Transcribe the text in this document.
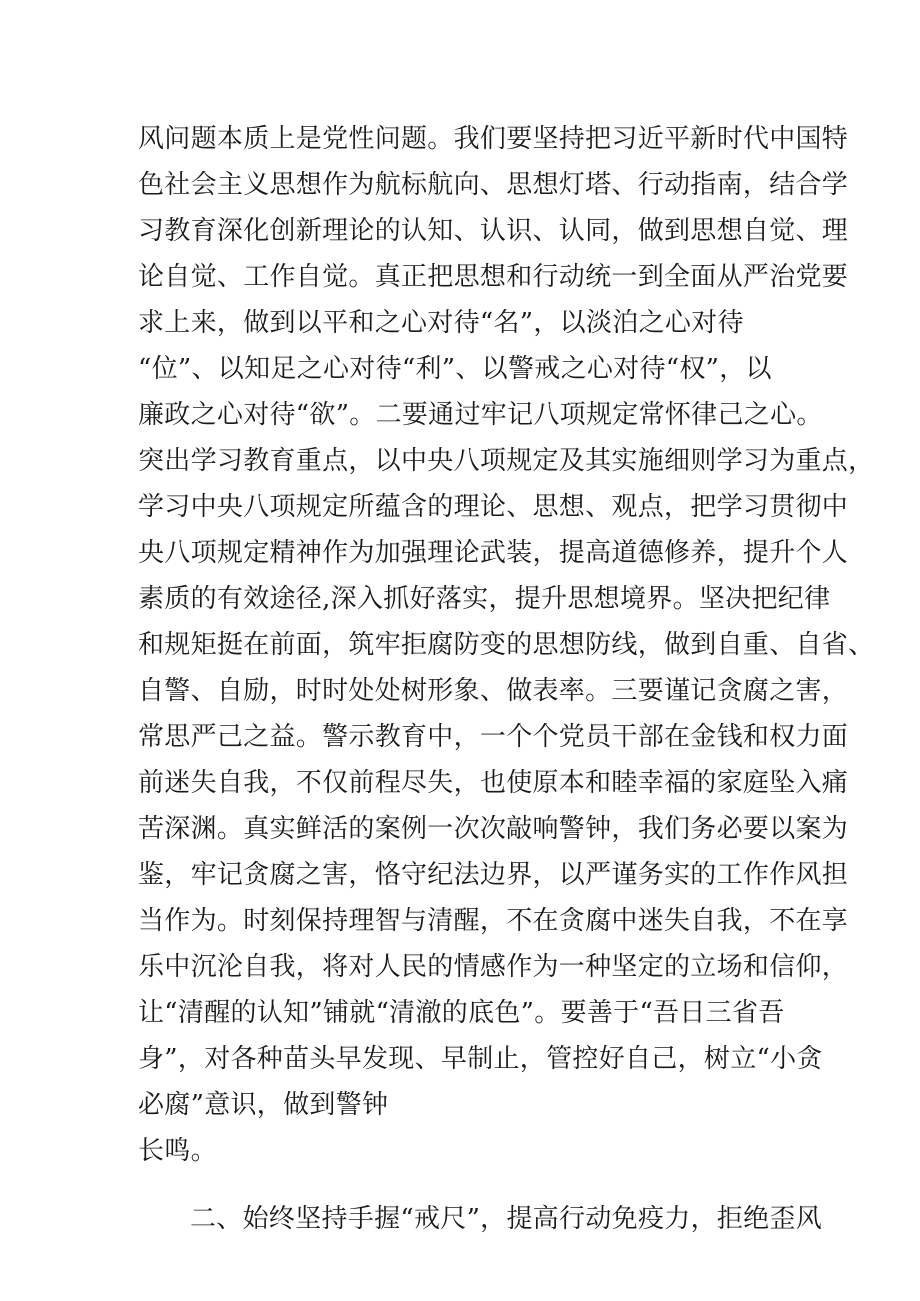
风问题本质上是党性问题。我们要坚持把习近平新时代中国特
色社会主义思想作为航标航向、思想灯塔、行动指南，结合学
习教育深化创新理论的认知、认识、认同，做到思想自觉、理
论自觉、工作自觉。真正把思想和行动统一到全面从严治党要
求上来，做到以平和之心对待“名”，以淡泊之心对待
“位”、以知足之心对待“利”、以警戒之心对待“权”，以
廉政之心对待“欲”。二要通过牢记八项规定常怀律己之心。
突出学习教育重点，以中央八项规定及其实施细则学习为重点，
学习中央八项规定所蕴含的理论、思想、观点，把学习贯彻中
央八项规定精神作为加强理论武装，提高道德修养，提升个人
素质的有效途径,深入抓好落实，提升思想境界。坚决把纪律
和规矩挺在前面，筑牢拒腐防变的思想防线，做到自重、自省、
自警、自励，时时处处树形象、做表率。三要谨记贪腐之害，
常思严己之益。警示教育中，一个个党员干部在金钱和权力面
前迷失自我，不仅前程尽失，也使原本和睦幸福的家庭坠入痛
苦深渊。真实鲜活的案例一次次敲响警钟，我们务必要以案为
鉴，牢记贪腐之害，恪守纪法边界，以严谨务实的工作作风担
当作为。时刻保持理智与清醒，不在贪腐中迷失自我，不在享
乐中沉沦自我，将对人民的情感作为一种坚定的立场和信仰，
让“清醒的认知”铺就“清澈的底色”。要善于“吾日三省吾
身”，对各种苗头早发现、早制止，管控好自己，树立“小贪
必腐”意识，做到警钟
长鸣。
二、始终坚持手握“戒尺”，提高行动免疫力，拒绝歪风
